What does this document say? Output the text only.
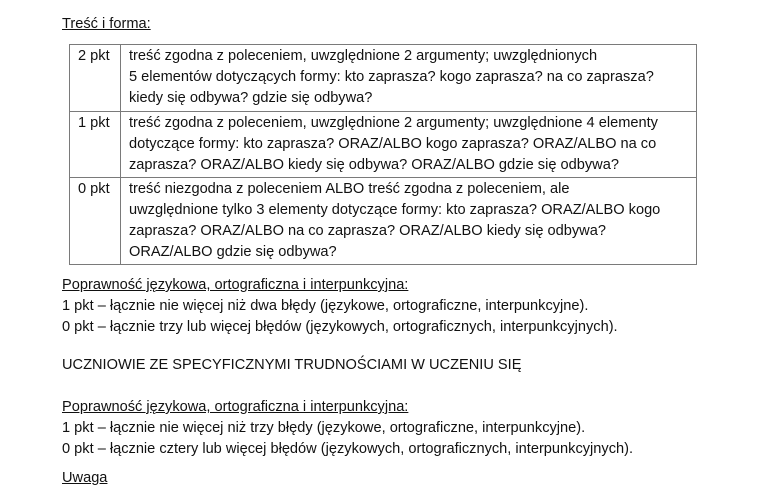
Treść i forma:
2 pkt	treść zgodna z poleceniem, uwzględnione 2 argumenty; uwzględnionych
5 elementów dotyczących formy: kto zaprasza? kogo zaprasza? na co zaprasza?
kiedy się odbywa? gdzie się odbywa?

1 pkt	treść zgodna z poleceniem, uwzględnione 2 argumenty; uwzględnione 4 elementy
dotyczące formy: kto zaprasza? ORAZ/ALBO kogo zaprasza? ORAZ/ALBO na co
zaprasza? ORAZ/ALBO kiedy się odbywa? ORAZ/ALBO gdzie się odbywa?

0 pkt	treść niezgodna z poleceniem ALBO treść zgodna z poleceniem, ale
uwzględnione tylko 3 elementy dotyczące formy: kto zaprasza? ORAZ/ALBO kogo
zaprasza? ORAZ/ALBO na co zaprasza? ORAZ/ALBO kiedy się odbywa?
ORAZ/ALBO gdzie się odbywa?
Poprawność językowa, ortograficzna i interpunkcyjna:
1 pkt – łącznie nie więcej niż dwa błędy (językowe, ortograficzne, interpunkcyjne).
0 pkt – łącznie trzy lub więcej błędów (językowych, ortograficznych, interpunkcyjnych).
UCZNIOWIE ZE SPECYFICZNYMI TRUDNOŚCIAMI W UCZENIU SIĘ
Poprawność językowa, ortograficzna i interpunkcyjna:
1 pkt – łącznie nie więcej niż trzy błędy (językowe, ortograficzne, interpunkcyjne).
0 pkt – łącznie cztery lub więcej błędów (językowych, ortograficznych, interpunkcyjnych).
Uwaga
